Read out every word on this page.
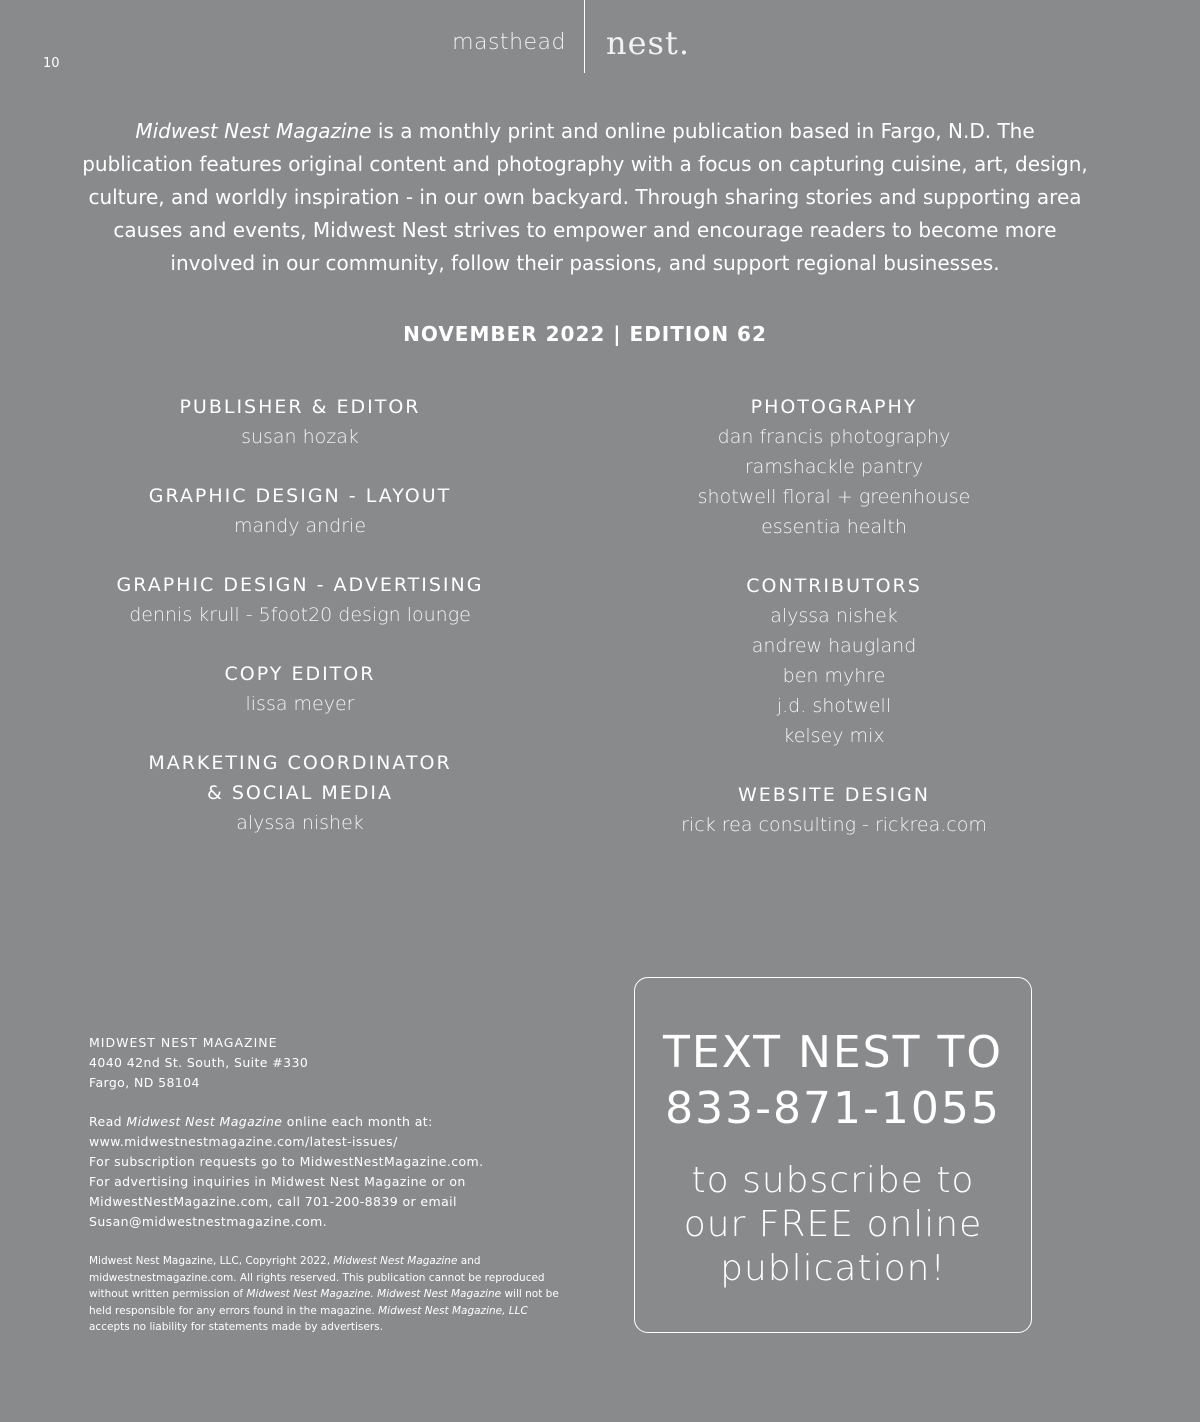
10
masthead nest.
Midwest Nest Magazine is a monthly print and online publication based in Fargo, N.D. The publication features original content and photography with a focus on capturing cuisine, art, design, culture, and worldly inspiration - in our own backyard. Through sharing stories and supporting area causes and events, Midwest Nest strives to empower and encourage readers to become more involved in our community, follow their passions, and support regional businesses.
NOVEMBER 2022 | EDITION 62
PUBLISHER & EDITOR
susan hozak
GRAPHIC DESIGN - LAYOUT
mandy andrie
GRAPHIC DESIGN - ADVERTISING
dennis krull - 5foot20 design lounge
COPY EDITOR
lissa meyer
MARKETING COORDINATOR
& SOCIAL MEDIA
alyssa nishek
PHOTOGRAPHY
dan francis photography
ramshackle pantry
shotwell floral + greenhouse
essentia health
CONTRIBUTORS
alyssa nishek
andrew haugland
ben myhre
j.d. shotwell
kelsey mix
WEBSITE DESIGN
rick rea consulting - rickrea.com

MIDWEST NEST MAGAZINE

4040 42nd St. South, Suite #330

Fargo, ND 58104

Read Midwest Nest Magazine online each month at:

www.midwestnestmagazine.com/latest-issues/

For subscription requests go to MidwestNestMagazine.com.

For advertising inquiries in Midwest Nest Magazine or on

MidwestNestMagazine.com, call 701-200-8839 or email

Susan@midwestnestmagazine.com.

Midwest Nest Magazine, LLC, Copyright 2022, Midwest Nest Magazine and midwestnestmagazine.com. All rights reserved. This publication cannot be reproduced without written permission of Midwest Nest Magazine. Midwest Nest Magazine will not be held responsible for any errors found in the magazine. Midwest Nest Magazine, LLC accepts no liability for statements made by advertisers.
TEXT NEST TO
833-871-1055
to subscribe to
our FREE online
publication!
